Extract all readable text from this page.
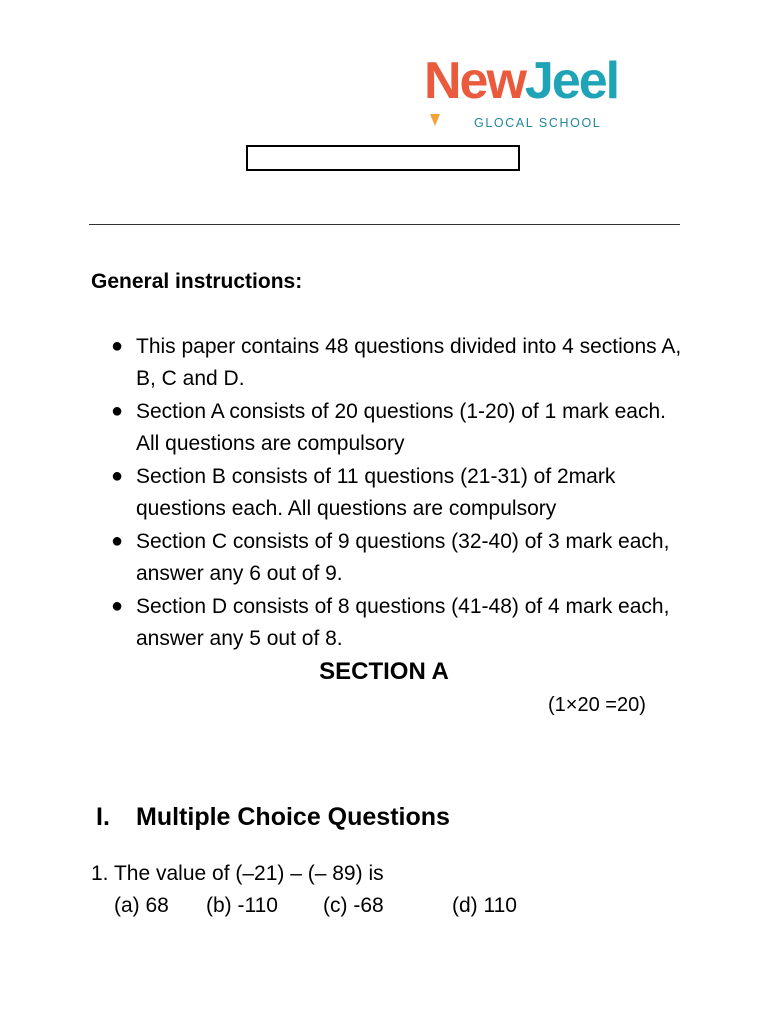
NewJeel
GLOCAL SCHOOL
General instructions:
● This paper contains 48 questions divided into 4 sections A, B, C and D.
● Section A consists of 20 questions (1-20) of 1 mark each. All questions are compulsory
● Section B consists of 11 questions (21-31) of 2mark questions each. All questions are compulsory
● Section C consists of 9 questions (32-40) of 3 mark each, answer any 6 out of 9.
● Section D consists of 8 questions (41-48) of 4 mark each, answer any 5 out of 8.
SECTION A
(1×20 =20)
I. Multiple Choice Questions
1. The value of (–21) – (– 89) is
(a) 68 (b) -110 (c) -68	(d) 110
